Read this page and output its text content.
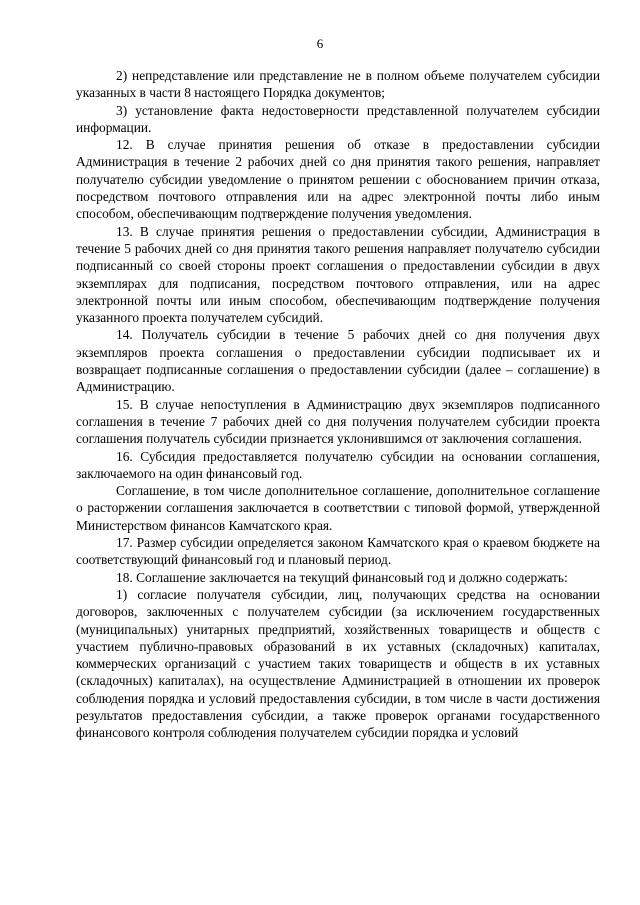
6

2) непредставление или представление не в полном объеме получателем субсидии указанных в части 8 настоящего Порядка документов;

3) установление факта недостоверности представленной получателем субсидии информации.

12. В случае принятия решения об отказе в предоставлении субсидии Администрация в течение 2 рабочих дней со дня принятия такого решения, направляет получателю субсидии уведомление о принятом решении с обоснованием причин отказа, посредством почтового отправления или на адрес электронной почты либо иным способом, обеспечивающим подтверждение получения уведомления.

13. В случае принятия решения о предоставлении субсидии, Администрация в течение 5 рабочих дней со дня принятия такого решения направляет получателю субсидии подписанный со своей стороны проект соглашения о предоставлении субсидии в двух экземплярах для подписания, посредством почтового отправления, или на адрес электронной почты или иным способом, обеспечивающим подтверждение получения указанного проекта получателем субсидий.

14. Получатель субсидии в течение 5 рабочих дней со дня получения двух экземпляров проекта соглашения о предоставлении субсидии подписывает их и возвращает подписанные соглашения о предоставлении субсидии (далее – соглашение) в Администрацию.

15. В случае непоступления в Администрацию двух экземпляров подписанного соглашения в течение 7 рабочих дней со дня получения получателем субсидии проекта соглашения получатель субсидии признается уклонившимся от заключения соглашения.

16. Субсидия предоставляется получателю субсидии на основании соглашения, заключаемого на один финансовый год.

Соглашение, в том числе дополнительное соглашение, дополнительное соглашение о расторжении соглашения заключается в соответствии с типовой формой, утвержденной Министерством финансов Камчатского края.

17. Размер субсидии определяется законом Камчатского края о краевом бюджете на соответствующий финансовый год и плановый период.

18. Соглашение заключается на текущий финансовый год и должно содержать:

1) согласие получателя субсидии, лиц, получающих средства на основании договоров, заключенных с получателем субсидии (за исключением государственных (муниципальных) унитарных предприятий, хозяйственных товариществ и обществ с участием публично-правовых образований в их уставных (складочных) капиталах, коммерческих организаций с участием таких товариществ и обществ в их уставных (складочных) капиталах), на осуществление Администрацией в отношении их проверок соблюдения порядка и условий предоставления субсидии, в том числе в части достижения результатов предоставления субсидии, а также проверок органами государственного финансового контроля соблюдения получателем субсидии порядка и условий
